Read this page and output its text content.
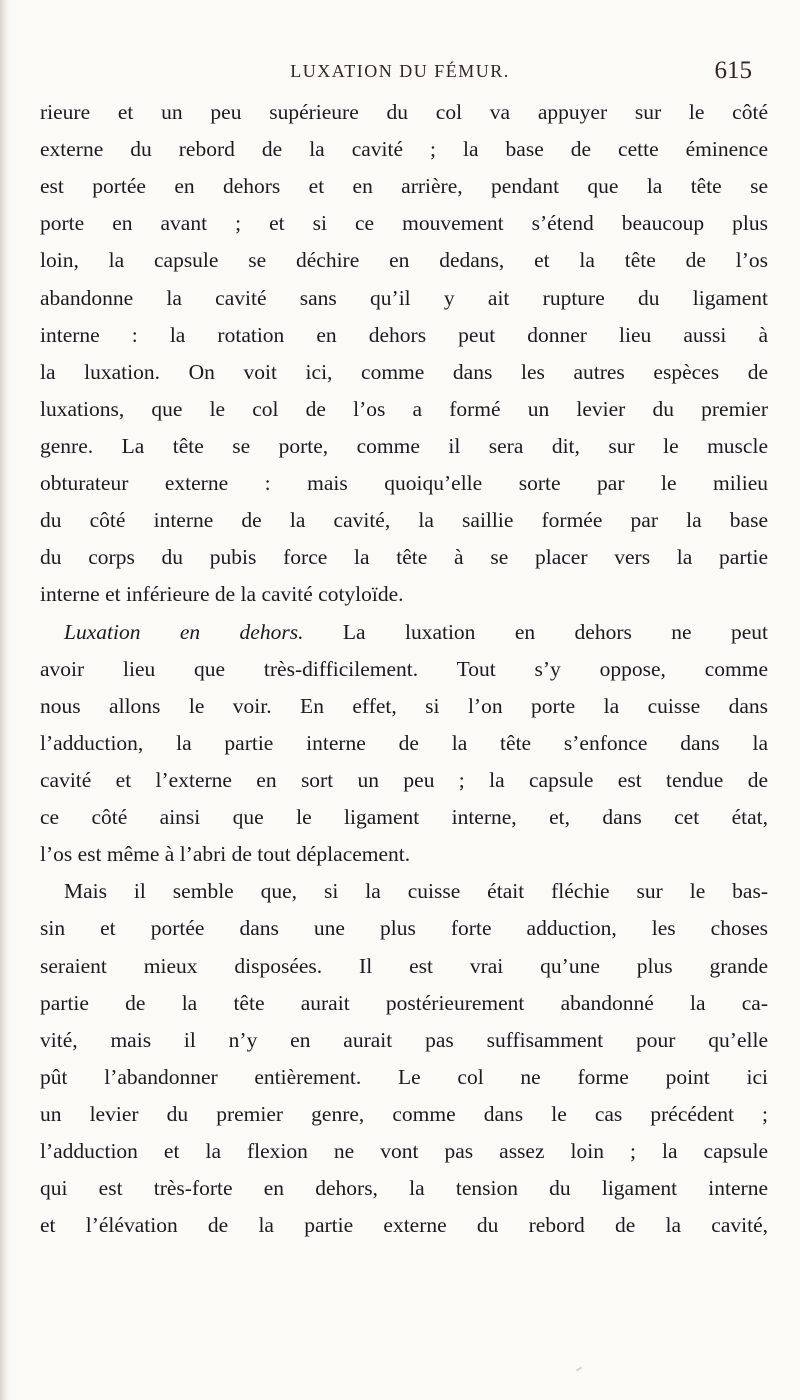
LUXATION DU FÉMUR.	615
rieure et un peu supérieure du col va appuyer sur le côté
externe du rebord de la cavité ; la base de cette éminence
est portée en dehors et en arrière, pendant que la tête se
porte en avant ; et si ce mouvement s’étend beaucoup plus
loin, la capsule se déchire en dedans, et la tête de l’os
abandonne la cavité sans qu’il y ait rupture du ligament
interne : la rotation en dehors peut donner lieu aussi à
la luxation. On voit ici, comme dans les autres espèces de
luxations, que le col de l’os a formé un levier du premier
genre. La tête se porte, comme il sera dit, sur le muscle
obturateur externe : mais quoiqu’elle sorte par le milieu
du côté interne de la cavité, la saillie formée par la base
du corps du pubis force la tête à se placer vers la partie
interne et inférieure de la cavité cotyloïde.
Luxation en dehors. La luxation en dehors ne peut
avoir lieu que très-difficilement. Tout s’y oppose, comme
nous allons le voir. En effet, si l’on porte la cuisse dans
l’adduction, la partie interne de la tête s’enfonce dans la
cavité et l’externe en sort un peu ; la capsule est tendue de
ce côté ainsi que le ligament interne, et, dans cet état,
l’os est même à l’abri de tout déplacement.
Mais il semble que, si la cuisse était fléchie sur le bas-
sin et portée dans une plus forte adduction, les choses
seraient mieux disposées. Il est vrai qu’une plus grande
partie de la tête aurait postérieurement abandonné la ca-
vité, mais il n’y en aurait pas suffisamment pour qu’elle
pût l’abandonner entièrement. Le col ne forme point ici
un levier du premier genre, comme dans le cas précédent ;
l’adduction et la flexion ne vont pas assez loin ; la capsule
qui est très-forte en dehors, la tension du ligament interne
et l’élévation de la partie externe du rebord de la cavité,
